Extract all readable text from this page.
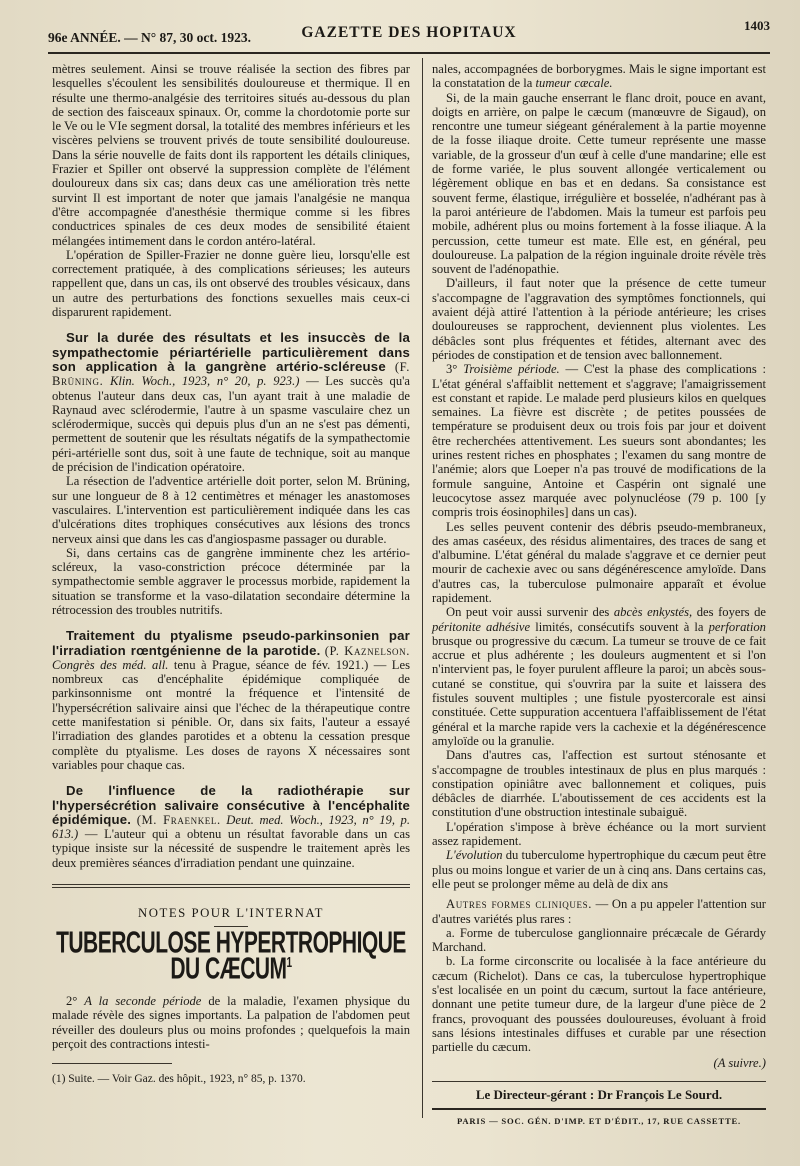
96e ANNÉE. — N° 87, 30 oct. 1923.	GAZETTE DES HOPITAUX	1403

mètres seulement. Ainsi se trouve réalisée la section des fibres par lesquelles s'écoulent les sensibilités douloureuse et thermique. Il en résulte une thermo-analgésie des territoires situés au-dessous du plan de section des faisceaux spinaux. Or, comme la chordotomie porte sur le Ve ou le VIe segment dorsal, la totalité des membres inférieurs et les viscères pelviens se trouvent privés de toute sensibilité douloureuse. Dans la série nouvelle de faits dont ils rapportent les détails cliniques, Frazier et Spiller ont observé la suppression complète de l'élément douloureux dans six cas; dans deux cas une amélioration très nette survint Il est important de noter que jamais l'analgésie ne manqua d'être accompagnée d'anesthésie thermique comme si les fibres conductrices spinales de ces deux modes de sensibilité étaient mélangées intimement dans le cordon antéro-latéral.

L'opération de Spiller-Frazier ne donne guère lieu, lorsqu'elle est correctement pratiquée, à des complications sérieuses; les auteurs rappellent que, dans un cas, ils ont observé des troubles vésicaux, dans un autre des perturbations des fonctions sexuelles mais ceux-ci disparurent rapidement.

Sur la durée des résultats et les insuccès de la sympathectomie périartérielle particulièrement dans son application à la gangrène artério-scléreuse (F. Brüning. Klin. Woch., 1923, n° 20, p. 923.) — Les succès qu'a obtenus l'auteur dans deux cas, l'un ayant trait à une maladie de Raynaud avec sclérodermie, l'autre à un spasme vasculaire chez un sclérodermique, succès qui depuis plus d'un an ne s'est pas démenti, permettent de soutenir que les résultats négatifs de la sympathectomie péri-artérielle sont dus, soit à une faute de technique, soit au manque de précision de l'indication opératoire.

La résection de l'adventice artérielle doit porter, selon M. Brüning, sur une longueur de 8 à 12 centimètres et ménager les anastomoses vasculaires. L'intervention est particulièrement indiquée dans les cas d'ulcérations dites trophiques consécutives aux lésions des troncs nerveux ainsi que dans les cas d'angiospasme passager ou durable.

Si, dans certains cas de gangrène imminente chez les artério-scléreux, la vaso-constriction précoce déterminée par la sympathectomie semble aggraver le processus morbide, rapidement la situation se transforme et la vaso-dilatation secondaire détermine la rétrocession des troubles nutritifs.

Traitement du ptyalisme pseudo-parkinsonien par l'irradiation rœntgénienne de la parotide. (P. Kaznelson. Congrès des méd. all. tenu à Prague, séance de fév. 1921.) — Les nombreux cas d'encéphalite épidémique compliquée de parkinsonnisme ont montré la fréquence et l'intensité de l'hypersécrétion salivaire ainsi que l'échec de la thérapeutique contre cette manifestation si pénible. Or, dans six faits, l'auteur a essayé l'irradiation des glandes parotides et a obtenu la cessation presque complète du ptyalisme. Les doses de rayons X nécessaires sont variables pour chaque cas.

De l'influence de la radiothérapie sur l'hypersécrétion salivaire consécutive à l'encéphalite épidémique. (M. Fraenkel. Deut. med. Woch., 1923, n° 19, p. 613.) — L'auteur qui a obtenu un résultat favorable dans un cas typique insiste sur la nécessité de suspendre le traitement après les deux premières séances d'irradiation pendant une quinzaine.

NOTES POUR L'INTERNAT
TUBERCULOSE HYPERTROPHIQUE DU CÆCUM$^1$

2° A la seconde période de la maladie, l'examen physique du malade révèle des signes importants. La palpation de l'abdomen peut réveiller des douleurs plus ou moins profondes ; quelquefois la main perçoit des contractions intesti-

(1) Suite. — Voir Gaz. des hôpit., 1923, n° 85, p. 1370.

nales, accompagnées de borborygmes. Mais le signe important est la constatation de la tumeur cæcale.

Si, de la main gauche enserrant le flanc droit, pouce en avant, doigts en arrière, on palpe le cæcum (manœuvre de Sigaud), on rencontre une tumeur siégeant généralement à la partie moyenne de la fosse iliaque droite. Cette tumeur représente une masse variable, de la grosseur d'un œuf à celle d'une mandarine; elle est de forme variée, le plus souvent allongée verticalement ou légèrement oblique en bas et en dedans. Sa consistance est souvent ferme, élastique, irrégulière et bosselée, n'adhérant pas à la paroi antérieure de l'abdomen. Mais la tumeur est parfois peu mobile, adhérent plus ou moins fortement à la fosse iliaque. A la percussion, cette tumeur est mate. Elle est, en général, peu douloureuse. La palpation de la région inguinale droite révèle très souvent de l'adénopathie.

D'ailleurs, il faut noter que la présence de cette tumeur s'accompagne de l'aggravation des symptômes fonctionnels, qui avaient déjà attiré l'attention à la période antérieure; les crises douloureuses se rapprochent, deviennent plus violentes. Les débâcles sont plus fréquentes et fétides, alternant avec des périodes de constipation et de tension avec ballonnement.

3° Troisième période. — C'est la phase des complications : L'état général s'affaiblit nettement et s'aggrave; l'amaigrissement est constant et rapide. Le malade perd plusieurs kilos en quelques semaines. La fièvre est discrète ; de petites poussées de température se produisent deux ou trois fois par jour et doivent être recherchées attentivement. Les sueurs sont abondantes; les urines restent riches en phosphates ; l'examen du sang montre de l'anémie; alors que Loeper n'a pas trouvé de modifications de la formule sanguine, Antoine et Caspérin ont signalé une leucocytose assez marquée avec polynucléose (79 p. 100 [y compris trois éosinophiles] dans un cas).

Les selles peuvent contenir des débris pseudo-membraneux, des amas caséeux, des résidus alimentaires, des traces de sang et d'albumine. L'état général du malade s'aggrave et ce dernier peut mourir de cachexie avec ou sans dégénérescence amyloïde. Dans d'autres cas, la tuberculose pulmonaire apparaît et évolue rapidement.

On peut voir aussi survenir des abcès enkystés, des foyers de péritonite adhésive limités, consécutifs souvent à la perforation brusque ou progressive du cæcum. La tumeur se trouve de ce fait accrue et plus adhérente ; les douleurs augmentent et si l'on n'intervient pas, le foyer purulent affleure la paroi; un abcès sous-cutané se constitue, qui s'ouvrira par la suite et laissera des fistules souvent multiples ; une fistule pyostercorale est ainsi constituée. Cette suppuration accentuera l'affaiblissement de l'état général et la marche rapide vers la cachexie et la dégénérescence amyloïde ou la granulie.

Dans d'autres cas, l'affection est surtout sténosante et s'accompagne de troubles intestinaux de plus en plus marqués : constipation opiniâtre avec ballonnement et coliques, puis débâcles de diarrhée. L'aboutissement de ces accidents est la constitution d'une obstruction intestinale subaiguë.

L'opération s'impose à brève échéance ou la mort survient assez rapidement.

L'évolution du tuberculome hypertrophique du cæcum peut être plus ou moins longue et varier de un à cinq ans. Dans certains cas, elle peut se prolonger même au delà de dix ans

Autres formes cliniques. — On a pu appeler l'attention sur d'autres variétés plus rares :

a. Forme de tuberculose ganglionnaire précæcale de Gérardy Marchand.

b. La forme circonscrite ou localisée à la face antérieure du cæcum (Richelot). Dans ce cas, la tuberculose hypertrophique s'est localisée en un point du cæcum, surtout la face antérieure, donnant une petite tumeur dure, de la largeur d'une pièce de 2 francs, provoquant des poussées douloureuses, évoluant à froid sans lésions intestinales diffuses et curable par une résection partielle du cæcum.

(A suivre.)
Le Directeur-gérant : Dr François Le Sourd.
PARIS — SOC. GÉN. D'IMP. ET D'ÉDIT., 17, RUE CASSETTE.
